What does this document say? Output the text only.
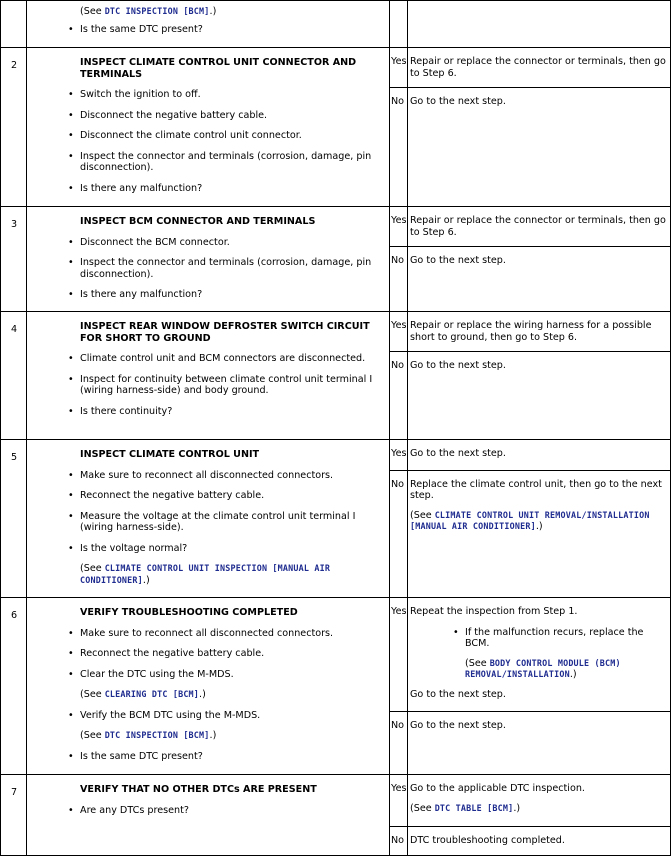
(See DTC INSPECTION [BCM].)
• Is the same DTC present?

2	INSPECT CLIMATE CONTROL UNIT CONNECTOR AND TERMINALS
• Switch the ignition to off.
• Disconnect the negative battery cable.
• Disconnect the climate control unit connector.
• Inspect the connector and terminals (corrosion, damage, pin disconnection).
• Is there any malfunction?

Yes	Repair or replace the connector or terminals, then go to Step 6.

No	Go to the next step.

3	INSPECT BCM CONNECTOR AND TERMINALS
• Disconnect the BCM connector.
• Inspect the connector and terminals (corrosion, damage, pin disconnection).
• Is there any malfunction?

Yes	Repair or replace the connector or terminals, then go to Step 6.

No	Go to the next step.

4	INSPECT REAR WINDOW DEFROSTER SWITCH CIRCUIT FOR SHORT TO GROUND
• Climate control unit and BCM connectors are disconnected.
• Inspect for continuity between climate control unit terminal I (wiring harness-side) and body ground.
• Is there continuity?

Yes	Repair or replace the wiring harness for a possible short to ground, then go to Step 6.

No	Go to the next step.

5	INSPECT CLIMATE CONTROL UNIT
• Make sure to reconnect all disconnected connectors.
• Reconnect the negative battery cable.
• Measure the voltage at the climate control unit terminal I (wiring harness-side).
• Is the voltage normal?
(See CLIMATE CONTROL UNIT INSPECTION [MANUAL AIR CONDITIONER].)

Yes	Go to the next step.

No	Replace the climate control unit, then go to the next step.
(See CLIMATE CONTROL UNIT REMOVAL/INSTALLATION [MANUAL AIR CONDITIONER].)

6	VERIFY TROUBLESHOOTING COMPLETED
• Make sure to reconnect all disconnected connectors.
• Reconnect the negative battery cable.
• Clear the DTC using the M-MDS.
(See CLEARING DTC [BCM].)
• Verify the BCM DTC using the M-MDS.
(See DTC INSPECTION [BCM].)
• Is the same DTC present?

Yes	Repeat the inspection from Step 1.
• If the malfunction recurs, replace the BCM.
(See BODY CONTROL MODULE (BCM) REMOVAL/INSTALLATION.)
Go to the next step.

No	Go to the next step.

7	VERIFY THAT NO OTHER DTCs ARE PRESENT
• Are any DTCs present?

Yes	Go to the applicable DTC inspection.
(See DTC TABLE [BCM].)

No	DTC troubleshooting completed.
